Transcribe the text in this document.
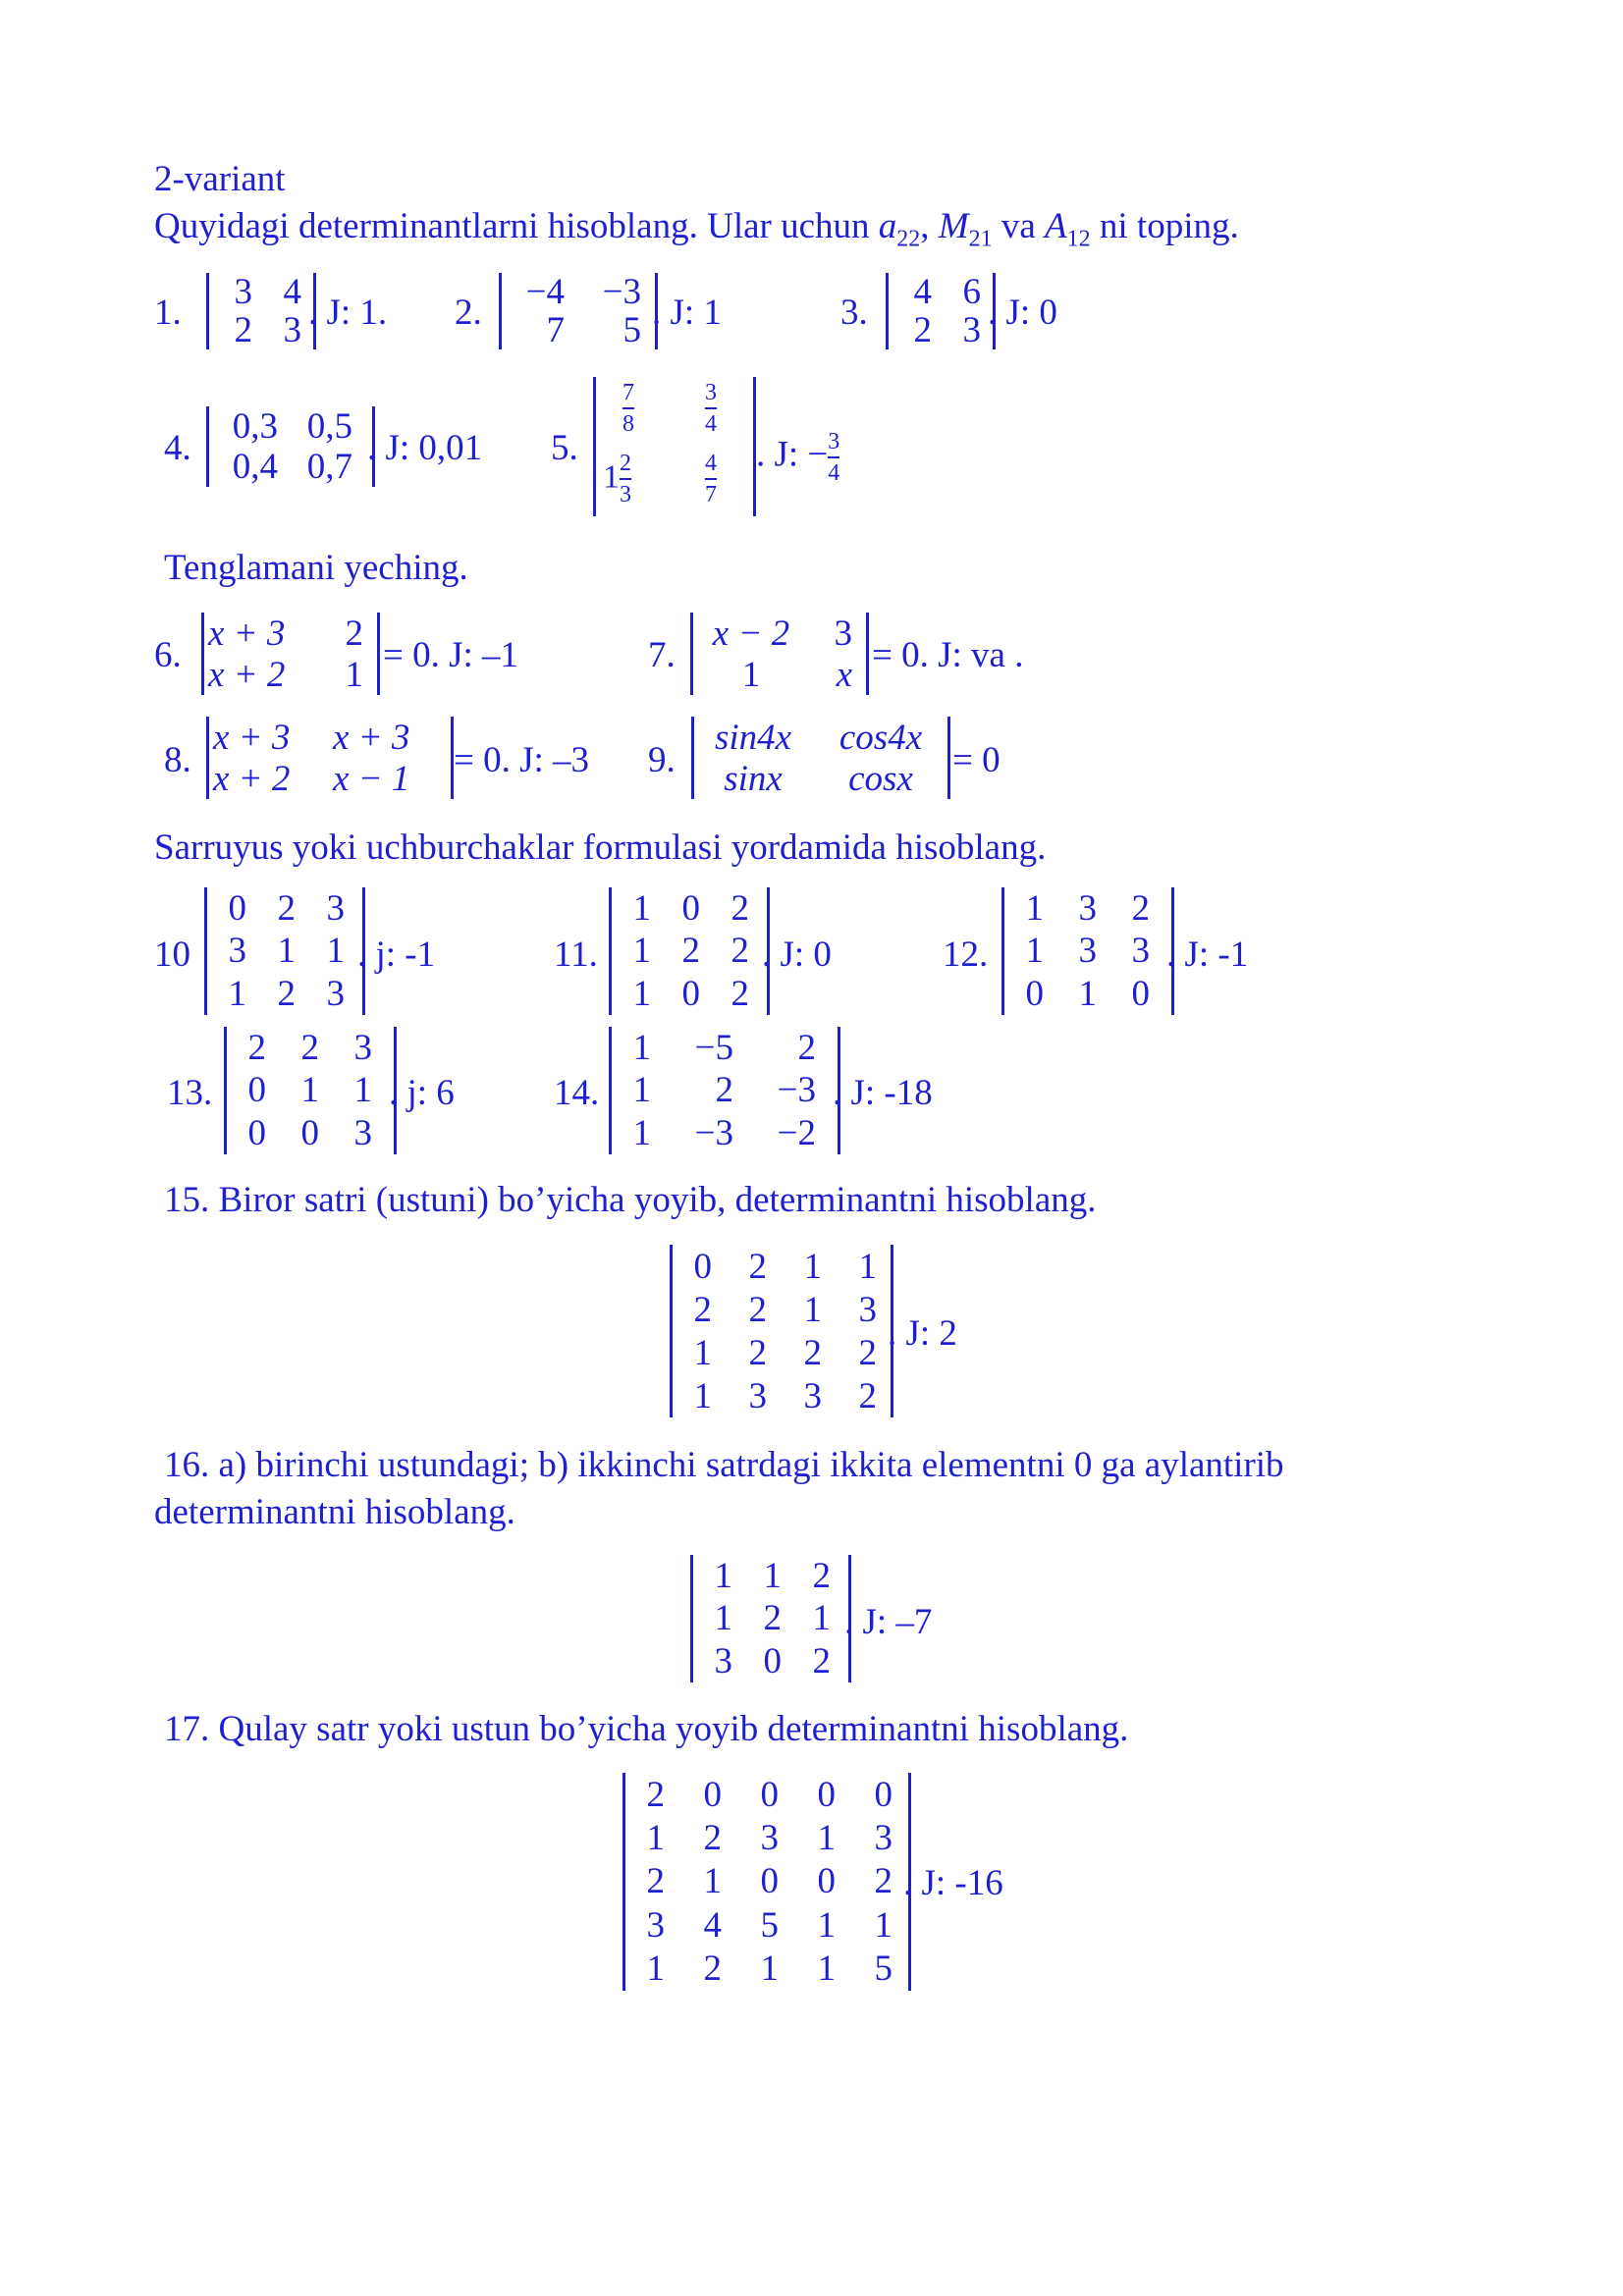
2-variant
Quyidagi determinantlarni hisoblang. Ular uchun $a_{22}$, $M_{21}$ va $A_{12}$ ni toping.
1.
3 4
2 3 . J: 1. 2.
−4 −3
7 5 . J: 1	3.
4 6
2 3 . J: 0
4.
0,3 0,5
0,4 0,7 . J: 0,01 5.
$\frac{7}{8}$	$\frac{3}{4}$
$1 \frac{2}{3}$	$\frac{4}{7}$ . J: − $\frac{3}{4}$
Tenglamani yeching.
6.
x + 3 2
x + 2 1 = 0. J: –1	7.
x − 2 3
1 x = 0. J: va .
8.
x + 3 x + 3
x + 2 x − 1 = 0. J: –3 9.
sin4x cos4x
sinx cosx = 0
Sarruyus yoki uchburchaklar formulasi yordamida hisoblang.
10
0 2 3
3 1 1
1 2 3
. j: -1	11.
1 0 2
1 2 2
1 0 2
. J: 0	12.
1 3 2
1 3 3
0 1 0
. J: -1
13.
2 2 3
0 1 1
0 0 3
. j: 6	14.
1 −5 2
1 2 −3
1 −3 −2
. J: -18
15. Biror satri (ustuni) bo’yicha yoyib, determinantni hisoblang.
0 2 1 1
2 2 1 3
1 2 2 2
1 3 3 2
. J: 2
16. a) birinchi ustundagi; b) ikkinchi satrdagi ikkita elementni 0 ga aylantirib
determinantni hisoblang.
1 1 2
1 2 1
3 0 2
. J: –7
17. Qulay satr yoki ustun bo’yicha yoyib determinantni hisoblang.
2 0 0 0 0
1 2 3 1 3
2 1 0 0 2
3 4 5 1 1
1 2 1 1 5
. J: -16
